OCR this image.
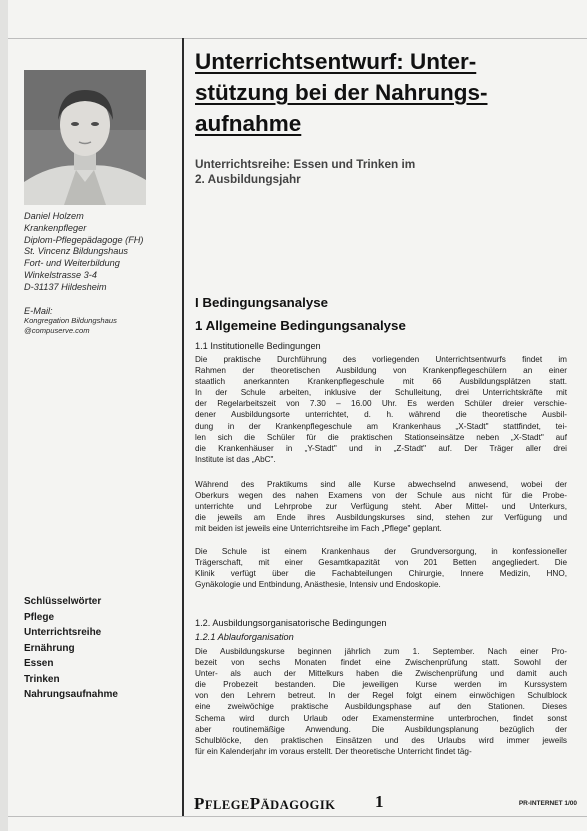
Daniel Holzem
Krankenpfleger
Diplom-Pflegepädagoge (FH)
St. Vincenz Bildungshaus
Fort- und Weiterbildung
Winkelstrasse 3-4
D-31137 Hildesheim
E-Mail:
Kongregation Bildungshaus
@compuserve.com
Schlüsselwörter
Pflege
Unterrichtsreihe
Ernährung
Essen
Trinken
Nahrungsaufnahme
Unterrichtsentwurf: Unter-
stützung bei der Nahrungs-
aufnahme
Unterrichtsreihe: Essen und Trinken im
2. Ausbildungsjahr
I Bedingungsanalyse
1 Allgemeine Bedingungsanalyse
1.1 Institutionelle Bedingungen
Die praktische Durchführung des vorliegenden Unterrichtsentwurfs findet im
Rahmen der theoretischen Ausbildung von Krankenpflegeschülern an einer
staatlich anerkannten Krankenpflegeschule mit 66 Ausbildungsplätzen statt.
In der Schule arbeiten, inklusive der Schulleitung, drei Unterrichtskräfte mit
der Regelarbeitszeit von 7.30 – 16.00 Uhr. Es werden Schüler dreier verschie-
dener Ausbildungsorte unterrichtet, d. h. während die theoretische Ausbil-
dung in der Krankenpflegeschule am Krankenhaus „X-Stadt" stattfindet, tei-
len sich die Schüler für die praktischen Stationseinsätze neben „X-Stadt" auf
die Krankenhäuser in „Y-Stadt" und in „Z-Stadt" auf. Der Träger aller drei
Institute ist das „AbC".
Während des Praktikums sind alle Kurse abwechselnd anwesend, wobei der
Oberkurs wegen des nahen Examens von der Schule aus nicht für die Probe-
unterrichte und Lehrprobe zur Verfügung steht. Aber Mittel- und Unterkurs,
die jeweils am Ende ihres Ausbildungskurses sind, stehen zur Verfügung und
mit beiden ist jeweils eine Unterrichtsreihe im Fach „Pflege" geplant.
Die Schule ist einem Krankenhaus der Grundversorgung, in konfessioneller
Trägerschaft, mit einer Gesamtkapazität von 201 Betten angegliedert. Die
Klinik verfügt über die Fachabteilungen Chirurgie, Innere Medizin, HNO,
Gynäkologie und Entbindung, Anästhesie, Intensiv und Endoskopie.
1.2. Ausbildungsorganisatorische Bedingungen
1.2.1 Ablauforganisation
Die Ausbildungskurse beginnen jährlich zum 1. September. Nach einer Pro-
bezeit von sechs Monaten findet eine Zwischenprüfung statt. Sowohl der
Unter- als auch der Mittelkurs haben die Zwischenprüfung und damit auch
die Probezeit bestanden. Die jeweiligen Kurse werden im Kurssystem
von den Lehrern betreut. In der Regel folgt einem einwöchigen Schulblock
eine zweiwöchige praktische Ausbildungsphase auf den Stationen. Dieses
Schema wird durch Urlaub oder Examenstermine unterbrochen, findet sonst
aber routinemäßige Anwendung. Die Ausbildungsplanung bezüglich der
Schulblöcke, den praktischen Einsätzen und des Urlaubs wird immer jeweils
für ein Kalenderjahr im voraus erstellt. Der theoretische Unterricht findet täg-
PFLEGEPÄDAGOGIK 1	PR-INTERNET 1/00
